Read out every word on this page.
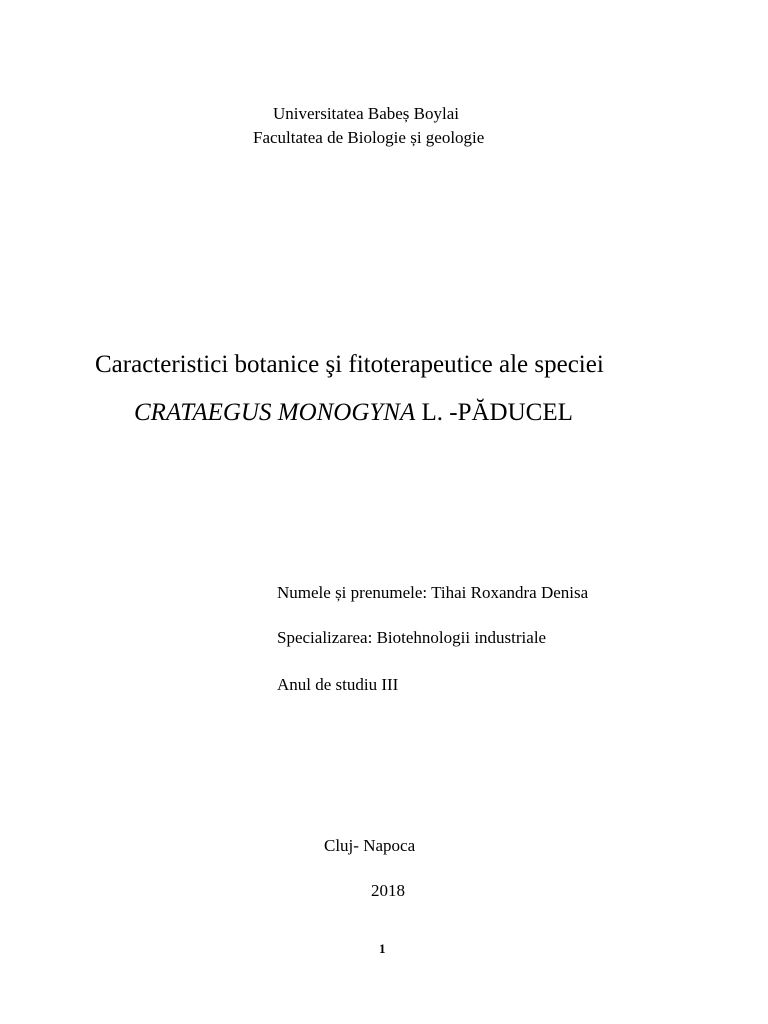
Universitatea Babeș Boylai
Facultatea de Biologie și geologie
Caracteristici botanice şi fitoterapeutice ale speciei
CRATAEGUS MONOGYNA L. -PĂDUCEL
Numele și prenumele: Tihai Roxandra Denisa
Specializarea: Biotehnologii industriale
Anul de studiu III
Cluj- Napoca
2018
1
